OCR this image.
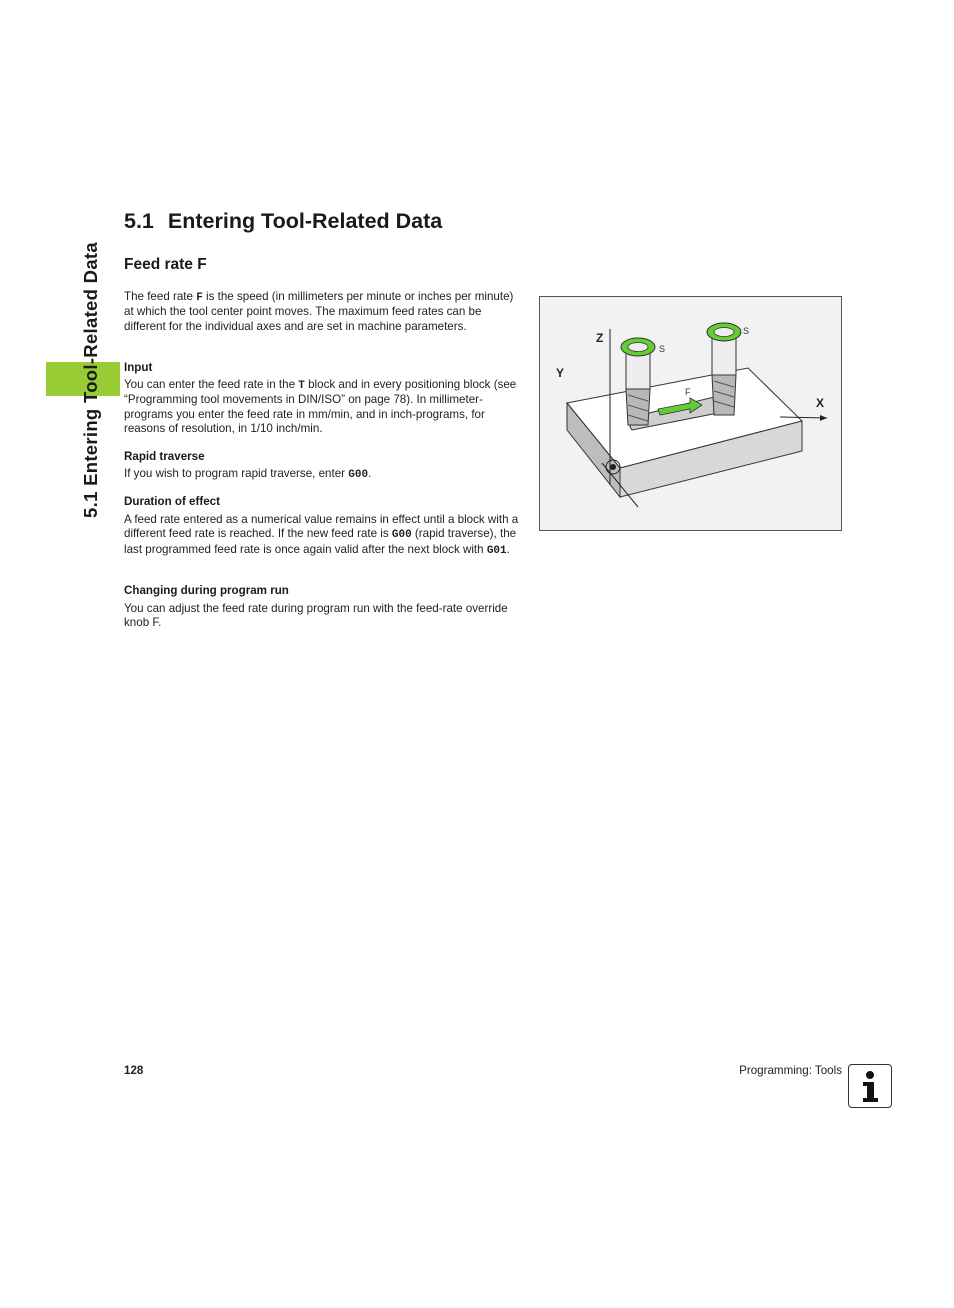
5.1 Entering Tool-Related Data
5.1 Entering Tool-Related Data
Feed rate F

The feed rate F is the speed (in millimeters per minute or inches per minute) at which the tool center point moves. The maximum feed rates can be different for the individual axes and are set in machine parameters.

Input

You can enter the feed rate in the T block and in every positioning block (see “Programming tool movements in DIN/ISO” on page 78). In millimeter-programs you enter the feed rate in mm/min, and in inch-programs, for reasons of resolution, in 1/10 inch/min.

Rapid traverse

If you wish to program rapid traverse, enter G00.

Duration of effect

A feed rate entered as a numerical value remains in effect until a block with a different feed rate is reached. If the new feed rate is G00 (rapid traverse), the last programmed feed rate is once again valid after the next block with G01.

Changing during program run

You can adjust the feed rate during program run with the feed-rate override knob F.

Z
Y
X
S
S
F
128	Programming: Tools
